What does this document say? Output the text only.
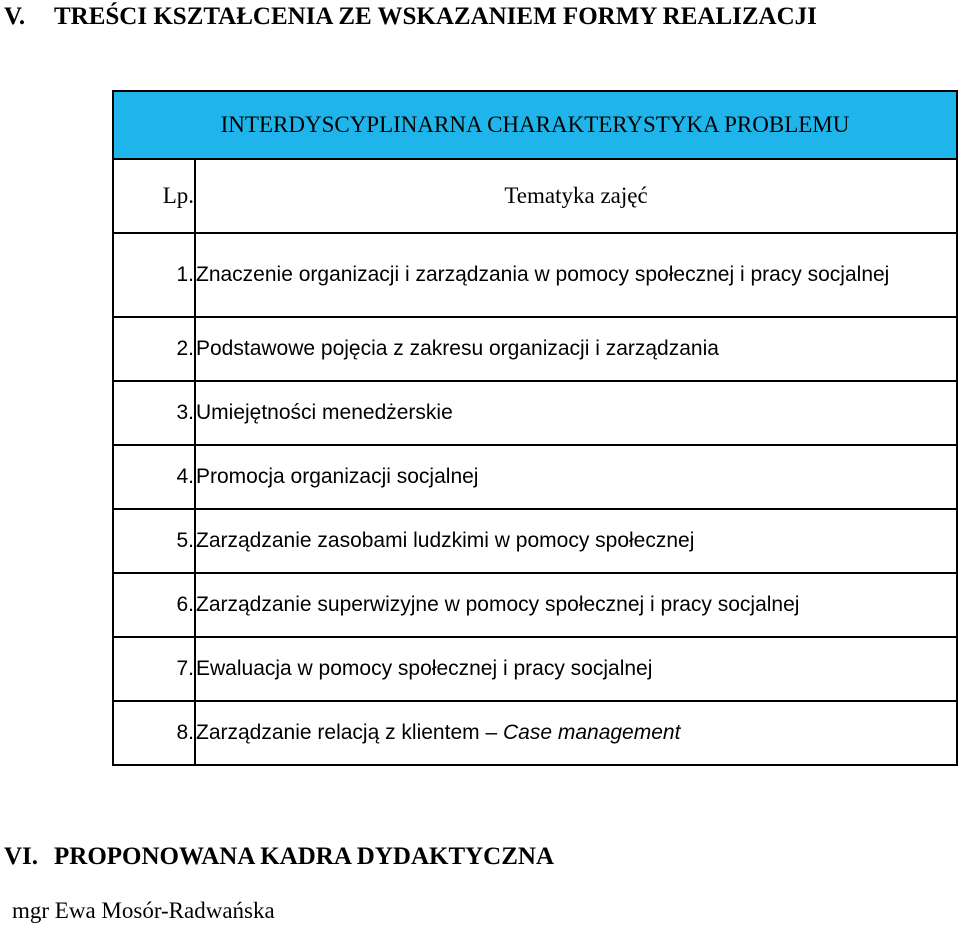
V. TREŚCI KSZTAŁCENIA ZE WSKAZANIEM FORMY REALIZACJI
INTERDYSCYPLINARNA CHARAKTERYSTYKA PROBLEMU	
Lp.	Tematyka zajęć
1.	Znaczenie organizacji i zarządzania w pomocy społecznej i pracy socjalnej
2.	Podstawowe pojęcia z zakresu organizacji i zarządzania
3.	Umiejętności menedżerskie
4.	Promocja organizacji socjalnej
5.	Zarządzanie zasobami ludzkimi w pomocy społecznej
6.	Zarządzanie superwizyjne w pomocy społecznej i pracy socjalnej
7.	Ewaluacja w pomocy społecznej i pracy socjalnej
8.	Zarządzanie relacją z klientem – Case management
VI. PROPONOWANA KADRA DYDAKTYCZNA
mgr Ewa Mosór-Radwańska
